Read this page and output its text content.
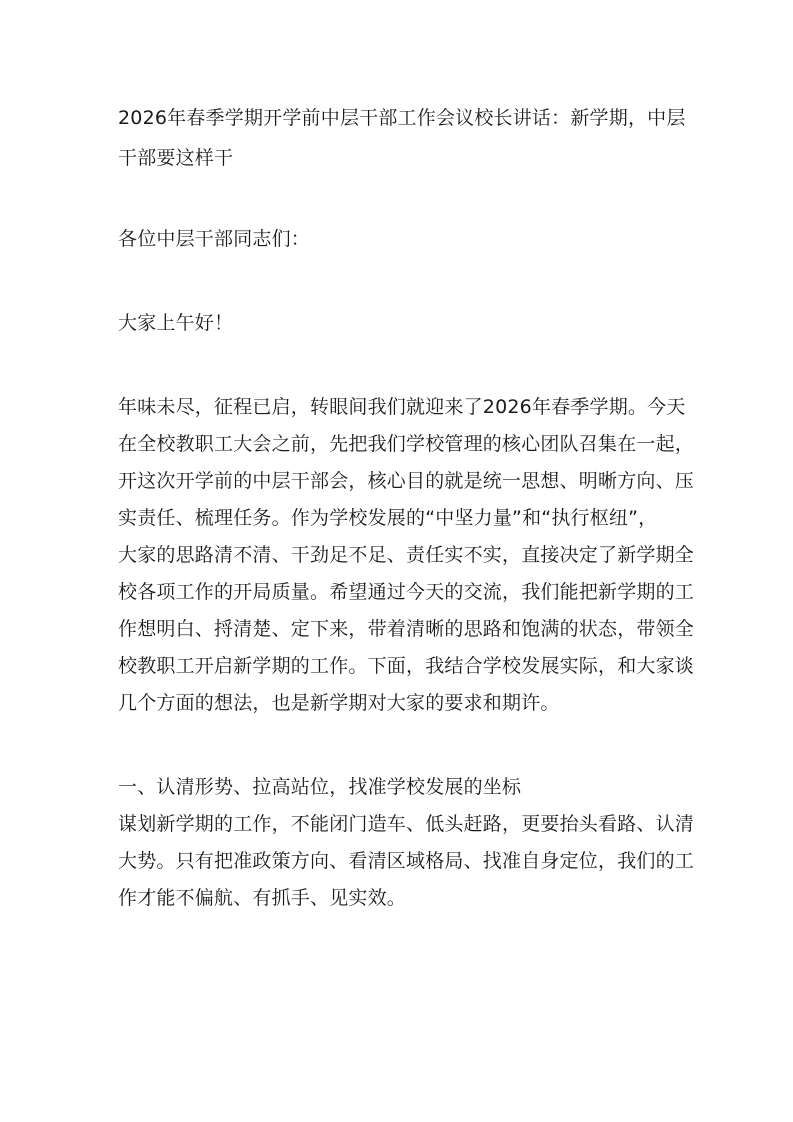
2026年春季学期开学前中层干部工作会议校长讲话：新学期，中层
干部要这样干
各位中层干部同志们：
大家上午好！
年味未尽，征程已启，转眼间我们就迎来了2026年春季学期。今天
在全校教职工大会之前，先把我们学校管理的核心团队召集在一起，
开这次开学前的中层干部会，核心目的就是统一思想、明晰方向、压
实责任、梳理任务。作为学校发展的“中坚力量”和“执行枢纽”，
大家的思路清不清、干劲足不足、责任实不实，直接决定了新学期全
校各项工作的开局质量。希望通过今天的交流，我们能把新学期的工
作想明白、捋清楚、定下来，带着清晰的思路和饱满的状态，带领全
校教职工开启新学期的工作。下面，我结合学校发展实际，和大家谈
几个方面的想法，也是新学期对大家的要求和期许。
一、认清形势、拉高站位，找准学校发展的坐标
谋划新学期的工作，不能闭门造车、低头赶路，更要抬头看路、认清
大势。只有把准政策方向、看清区域格局、找准自身定位，我们的工
作才能不偏航、有抓手、见实效。
